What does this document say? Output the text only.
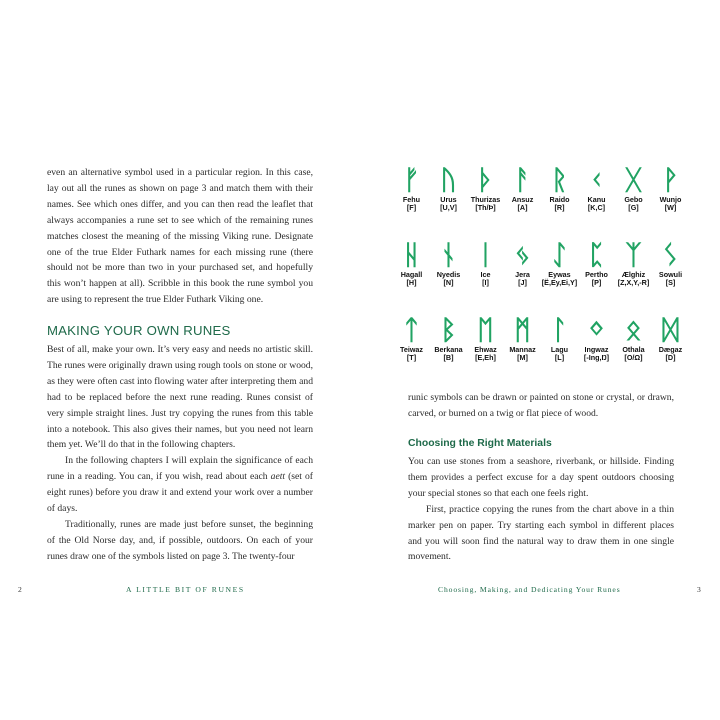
even an alternative symbol used in a particular region. In this case, lay out all the runes as shown on page 3 and match them with their names. See which ones differ, and you can then read the leaflet that always accompanies a rune set to see which of the remaining runes matches closest the meaning of the missing Viking rune. Designate one of the true Elder Futhark names for each missing rune (there should not be more than two in your purchased set, and hopefully this won’t happen at all). Scribble in this book the rune symbol you are using to represent the true Elder Futhark Viking one.

MAKING YOUR OWN RUNES

Best of all, make your own. It’s very easy and needs no artistic skill. The runes were originally drawn using rough tools on stone or wood, as they were often cast into flowing water after interpreting them and had to be replaced before the next rune reading. Runes consist of very simple straight lines. Just try copying the runes from this table into a notebook. This also gives their names, but you need not learn them yet. We’ll do that in the following chapters.

In the following chapters I will explain the significance of each rune in a reading. You can, if you wish, read about each aett (set of eight runes) before you draw it and extend your work over a number of days.

Traditionally, runes are made just before sunset, the beginning of the Old Norse day, and, if possible, outdoors. On each of your runes draw one of the symbols listed on page 3. The twenty-four

2	A LITTLE BIT OF RUNES
ᚠ
Fehu
[F]
ᚢ
Urus
[U,V]
ᚦ
Thurizas
[Th/Þ]
ᚨ
Ansuz
[A]
ᚱ
Raido
[R]
ᚲ
Kanu
[K,C]
ᚷ
Gebo
[G]
ᚹ
Wunjo
[W]
ᚺ
Hagall
[H]
ᚾ
Nyedis
[N]
ᛁ
Ice
[I]
ᛃ
Jera
[J]
ᛇ
Eywas
[Ë,Ey,Ei,Y]
ᛈ
Pertho
[P]
ᛉ
Ælghiz
[Z,X,Y,-R]
ᛊ
Sowuli
[S]
ᛏ
Teiwaz
[T]
ᛒ
Berkana
[B]
ᛖ
Ehwaz
[E,Eh]
ᛗ
Mannaz
[M]
ᛚ
Lagu
[L]
ᛜ
Ingwaz
[-Ing,Ŋ]
ᛟ
Othala
[O/Ω]
ᛞ
Dægaz
[D]

runic symbols can be drawn or painted on stone or crystal, or drawn, carved, or burned on a twig or flat piece of wood.

Choosing the Right Materials

You can use stones from a seashore, riverbank, or hillside. Finding them provides a perfect excuse for a day spent outdoors choosing your special stones so that each one feels right.

First, practice copying the runes from the chart above in a thin marker pen on paper. Try starting each symbol in different places and you will soon find the natural way to draw them in one single movement.

Choosing, Making, and Dedicating Your Runes	3
